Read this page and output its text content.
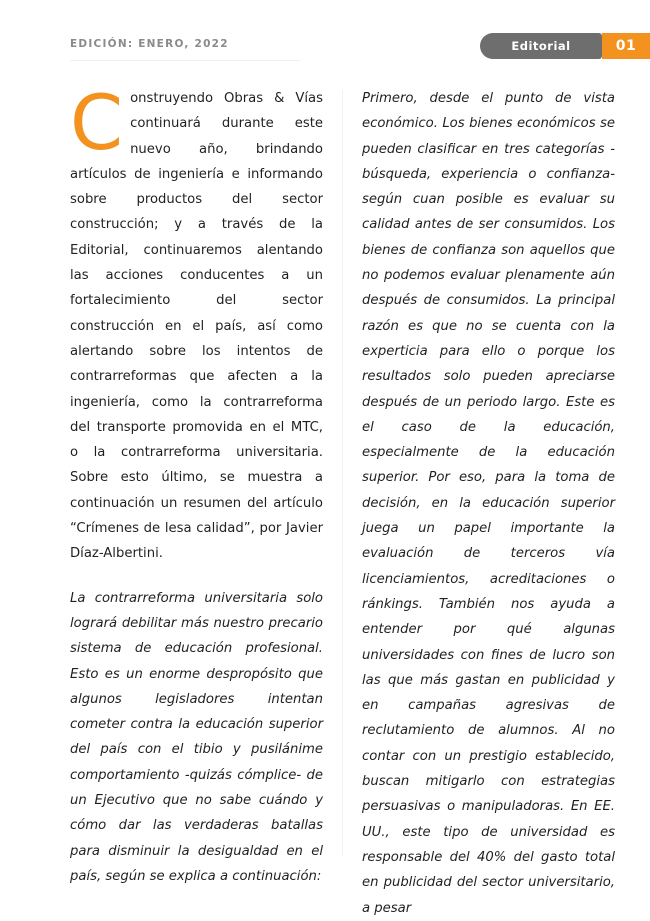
EDICIÓN: ENERO, 2022	Editorial	01

Construyendo Obras & Vías continuará durante este nuevo año, brindando artículos de ingeniería e informando sobre productos del sector construcción; y a través de la Editorial, continuaremos alentando las acciones conducentes a un fortalecimiento del sector construcción en el país, así como alertando sobre los intentos de contrarreformas que afecten a la ingeniería, como la contrarreforma del transporte promovida en el MTC, o la contrarreforma universitaria. Sobre esto último, se muestra a continuación un resumen del artículo “Crímenes de lesa calidad”, por Javier Díaz-Albertini.

La contrarreforma universitaria solo logrará debilitar más nuestro precario sistema de educación profesional. Esto es un enorme despropósito que algunos legisladores intentan cometer contra la educación superior del país con el tibio y pusilánime comportamiento -quizás cómplice- de un Ejecutivo que no sabe cuándo y cómo dar las verdaderas batallas para disminuir la desigualdad en el país, según se explica a continuación:

Primero, desde el punto de vista económico. Los bienes económicos se pueden clasificar en tres categorías -búsqueda, experiencia o confianza- según cuan posible es evaluar su calidad antes de ser consumidos. Los bienes de confianza son aquellos que no podemos evaluar plenamente aún después de consumidos. La principal razón es que no se cuenta con la experticia para ello o porque los resultados solo pueden apreciarse después de un periodo largo. Este es el caso de la educación, especialmente de la educación superior. Por eso, para la toma de decisión, en la educación superior juega un papel importante la evaluación de terceros vía licenciamientos, acreditaciones o ránkings. También nos ayuda a entender por qué algunas universidades con fines de lucro son las que más gastan en publicidad y en campañas agresivas de reclutamiento de alumnos. Al no contar con un prestigio establecido, buscan mitigarlo con estrategias persuasivas o manipuladoras. En EE. UU., este tipo de universidad es responsable del 40% del gasto total en publicidad del sector universitario, a pesar
